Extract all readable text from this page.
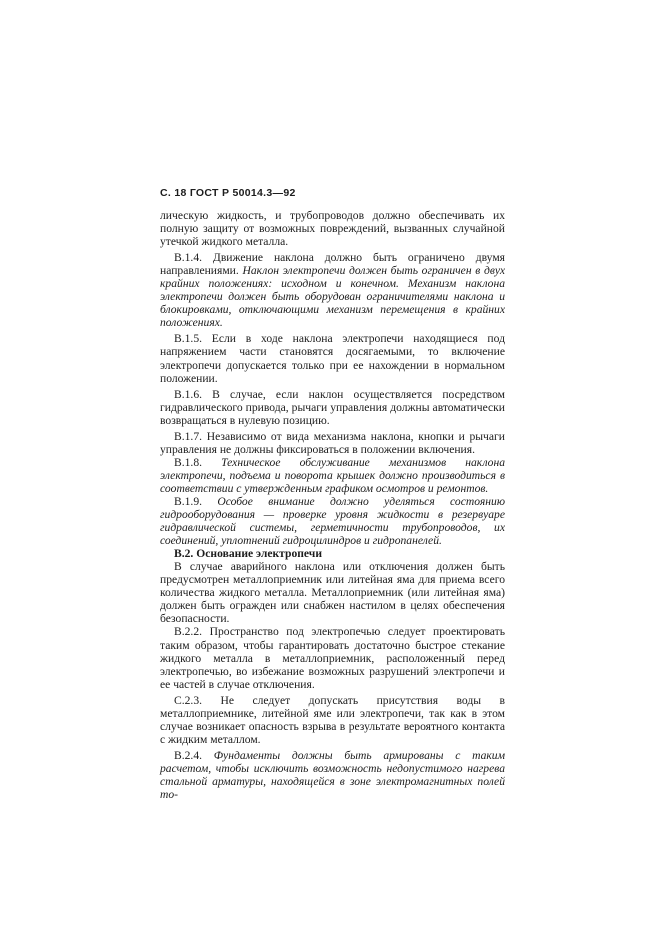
С. 18 ГОСТ Р 50014.3—92

лическую жидкость, и трубопроводов должно обеспечивать их полную защиту от возможных повреждений, вызванных случайной утечкой жидкого металла.

В.1.4. Движение наклона должно быть ограничено двумя направлениями. Наклон электропечи должен быть ограничен в двух крайних положениях: исходном и конечном. Механизм наклона электропечи должен быть оборудован ограничителями наклона и блокировками, отключающими механизм перемещения в крайних положениях.

В.1.5. Если в ходе наклона электропечи находящиеся под напряжением части становятся досягаемыми, то включение электропечи допускается только при ее нахождении в нормальном положении.

В.1.6. В случае, если наклон осуществляется посредством гидравлического привода, рычаги управления должны автоматически возвращаться в нулевую позицию.

В.1.7. Независимо от вида механизма наклона, кнопки и рычаги управления не должны фиксироваться в положении включения.

В.1.8. Техническое обслуживание механизмов наклона электропечи, подъема и поворота крышек должно производиться в соответствии с утвержденным графиком осмотров и ремонтов.

В.1.9. Особое внимание должно уделяться состоянию гидрооборудования — проверке уровня жидкости в резервуаре гидравлической системы, герметичности трубопроводов, их соединений, уплотнений гидроцилиндров и гидропанелей.

В.2. Основание электропечи

В случае аварийного наклона или отключения должен быть предусмотрен металлоприемник или литейная яма для приема всего количества жидкого металла. Металлоприемник (или литейная яма) должен быть огражден или снабжен настилом в целях обеспечения безопасности.

В.2.2. Пространство под электропечью следует проектировать таким образом, чтобы гарантировать достаточно быстрое стекание жидкого металла в металлоприемник, расположенный перед электропечью, во избежание возможных разрушений электропечи и ее частей в случае отключения.

С.2.3. Не следует допускать присутствия воды в металлоприемнике, литейной яме или электропечи, так как в этом случае возникает опасность взрыва в результате вероятного контакта с жидким металлом.

В.2.4. Фундаменты должны быть армированы с таким расчетом, чтобы исключить возможность недопустимого нагрева стальной арматуры, находящейся в зоне электромагнитных полей то-
